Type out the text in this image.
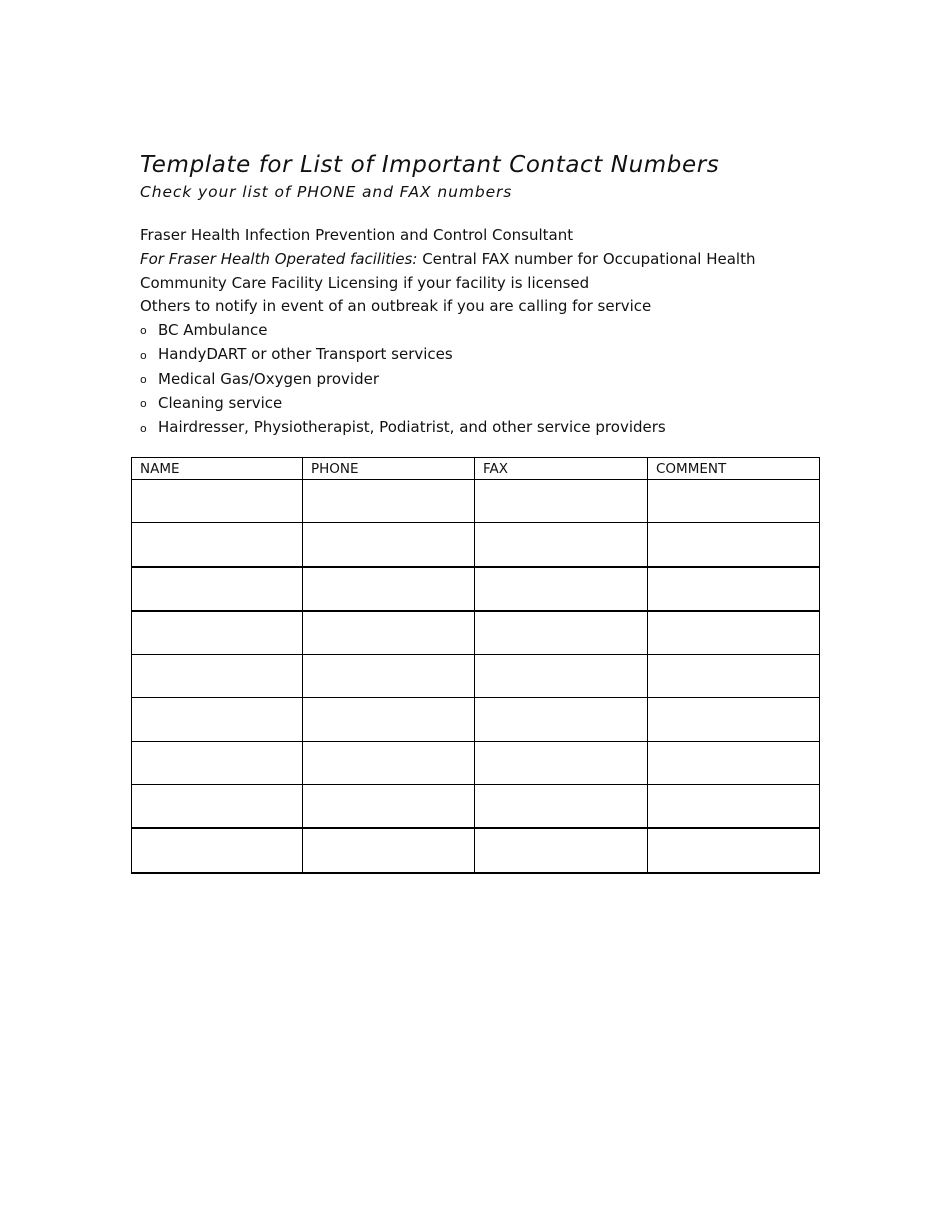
Template for List of Important Contact Numbers
Check your list of PHONE and FAX numbers
Fraser Health Infection Prevention and Control Consultant
For Fraser Health Operated facilities: Central FAX number for Occupational Health
Community Care Facility Licensing if your facility is licensed
Others to notify in event of an outbreak if you are calling for service
o BC Ambulance
o HandyDART or other Transport services
o Medical Gas/Oxygen provider
o Cleaning service
o Hairdresser, Physiotherapist, Podiatrist, and other service providers
NAME	PHONE	FAX	COMMENT
